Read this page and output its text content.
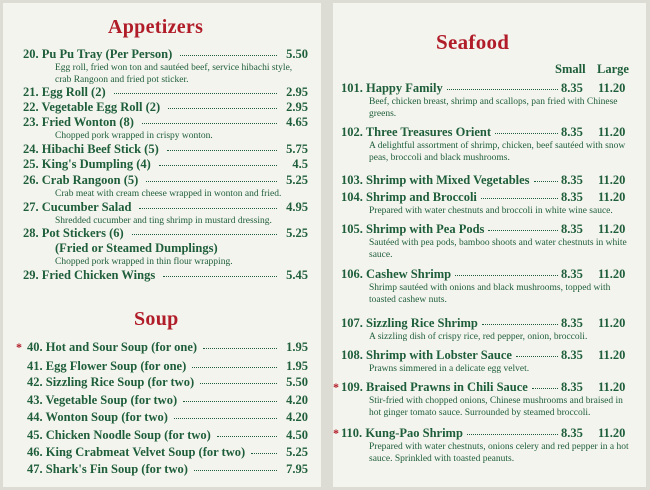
Appetizers
20. Pu Pu Tray (Per Person)	5.50
Egg roll, fried won ton and sautéed beef, service hibachi style, crab Rangoon and fried pot sticker.
21. Egg Roll (2)	2.95
22. Vegetable Egg Roll (2)	2.95
23. Fried Wonton (8)	4.65
Chopped pork wrapped in crispy wonton.
24. Hibachi Beef Stick (5)	5.75
25. King's Dumpling (4)	4.5
26. Crab Rangoon (5)	5.25
Crab meat with cream cheese wrapped in wonton and fried.
27. Cucumber Salad	4.95
Shredded cucumber and ting shrimp in mustard dressing.
28. Pot Stickers (6)	5.25
(Fried or Steamed Dumplings)
Chopped pork wrapped in thin flour wrapping.
29. Fried Chicken Wings	5.45
Soup
* 40. Hot and Sour Soup (for one)	1.95
41. Egg Flower Soup (for one)	1.95
42. Sizzling Rice Soup (for two)	5.50
43. Vegetable Soup (for two)	4.20
44. Wonton Soup (for two)	4.20
45. Chicken Noodle Soup (for two)	4.50
46. King Crabmeat Velvet Soup (for two)	5.25
47. Shark's Fin Soup (for two)	7.95
Seafood
Small Large
101. Happy Family	8.35 11.20
Beef, chicken breast, shrimp and scallops, pan fried with Chinese greens.
102. Three Treasures Orient	8.35 11.20
A delightful assortment of shrimp, chicken, beef sautéed with snow peas, broccoli and black mushrooms.
103. Shrimp with Mixed Vegetables	8.35 11.20
104. Shrimp and Broccoli	8.35 11.20
Prepared with water chestnuts and broccoli in white wine sauce.
105. Shrimp with Pea Pods	8.35 11.20
Sautéed with pea pods, bamboo shoots and water chestnuts in white sauce.
106. Cashew Shrimp	8.35 11.20
Shrimp sautéed with onions and black mushrooms, topped with toasted cashew nuts.
107. Sizzling Rice Shrimp	8.35 11.20
A sizzling dish of crispy rice, red pepper, onion, broccoli.
108. Shrimp with Lobster Sauce	8.35 11.20
Prawns simmered in a delicate egg velvet.
* 109. Braised Prawns in Chili Sauce	8.35 11.20
Stir-fried with chopped onions, Chinese mushrooms and braised in hot ginger tomato sauce. Surrounded by steamed broccoli.
* 110. Kung-Pao Shrimp	8.35 11.20
Prepared with water chestnuts, onions celery and red pepper in a hot sauce. Sprinkled with toasted peanuts.
